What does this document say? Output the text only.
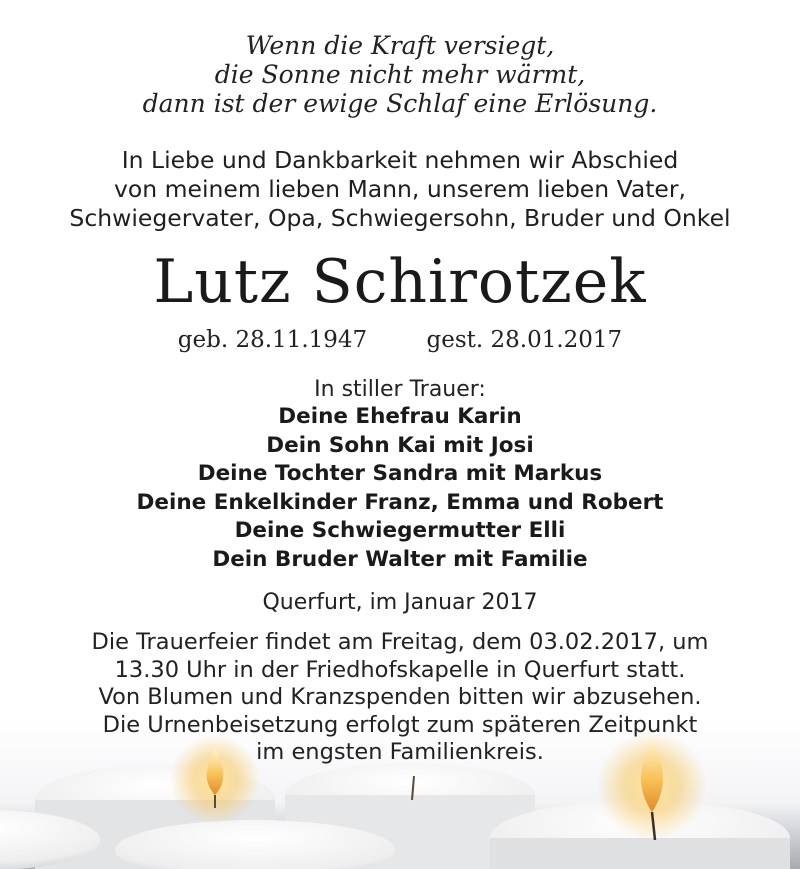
Wenn die Kraft versiegt,
die Sonne nicht mehr wärmt,
dann ist der ewige Schlaf eine Erlösung.
In Liebe und Dankbarkeit nehmen wir Abschied
von meinem lieben Mann, unserem lieben Vater,
Schwiegervater, Opa, Schwiegersohn, Bruder und Onkel
Lutz Schirotzek
geb. 28.11.1947	gest. 28.01.2017
In stiller Trauer:
Deine Ehefrau Karin
Dein Sohn Kai mit Josi
Deine Tochter Sandra mit Markus
Deine Enkelkinder Franz, Emma und Robert
Deine Schwiegermutter Elli
Dein Bruder Walter mit Familie
Querfurt, im Januar 2017
Die Trauerfeier findet am Freitag, dem 03.02.2017, um
13.30 Uhr in der Friedhofskapelle in Querfurt statt.
Von Blumen und Kranzspenden bitten wir abzusehen.
Die Urnenbeisetzung erfolgt zum späteren Zeitpunkt
im engsten Familienkreis.
